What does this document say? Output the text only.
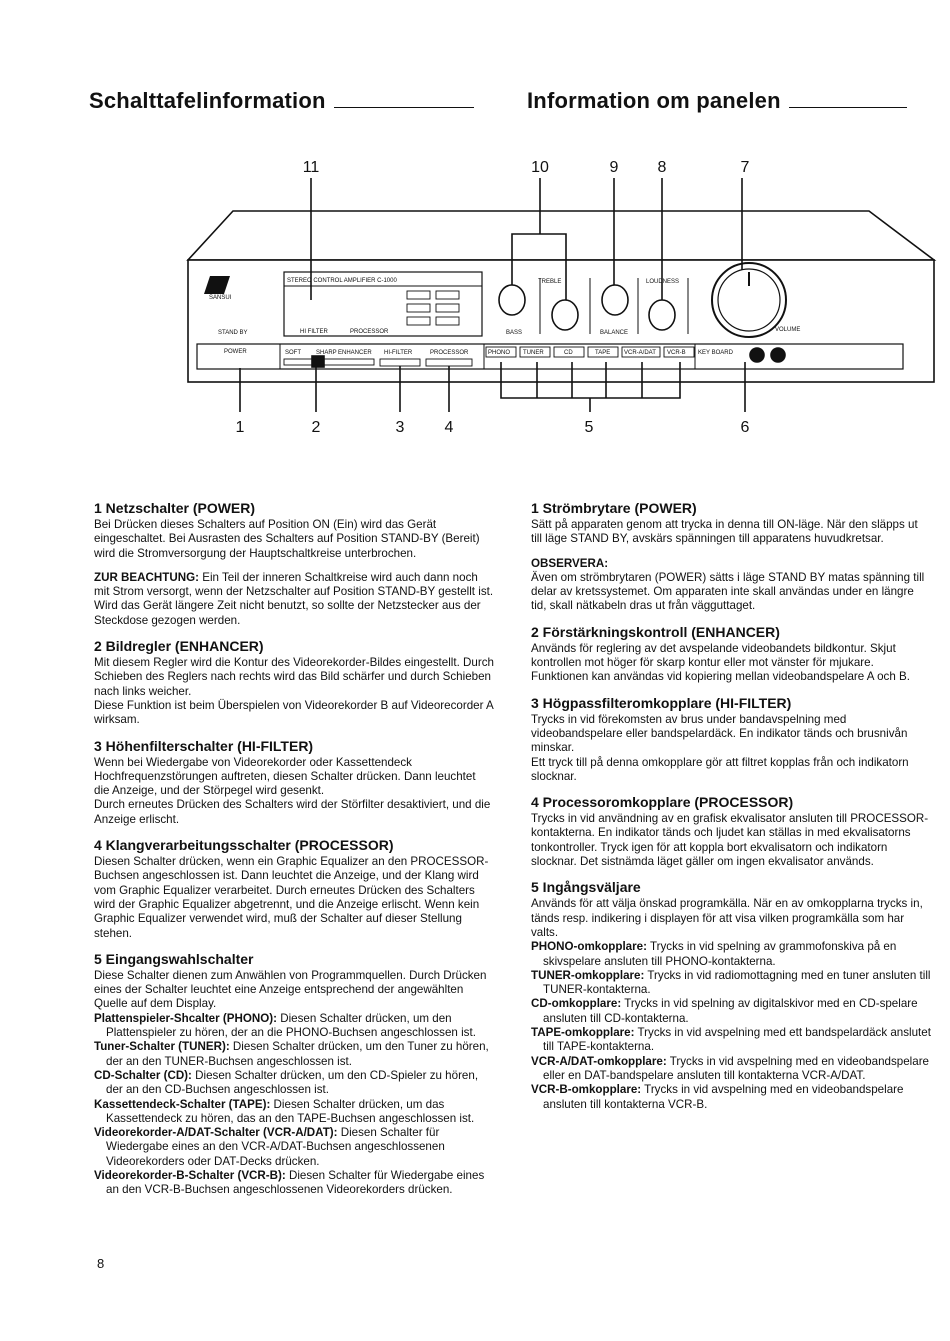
Schalttafelinformation	Information om panelen
SANSUI
STEREO CONTROL AMPLIFIER C-1000
STAND BY
POWER
HI FILTER	PROCESSOR
SOFT	SHARP ENHANCER HI-FILTER	PROCESSOR	PHONO TUNER	CD	TAPE VCR-A/DAT VCR-B KEY BOARD
TREBLE
BASS
LOUDNESS
BALANCE	VOLUME
11	10	9 8	7
1	2	3	4	5	6
1 Netzschalter (POWER)

Bei Drücken dieses Schalters auf Position ON (Ein) wird das Gerät eingeschaltet. Bei Ausrasten des Schalters auf Position STAND-BY (Bereit) wird die Stromversorgung der Hauptschaltkreise unterbrochen.

ZUR BEACHTUNG: Ein Teil der inneren Schaltkreise wird auch dann noch mit Strom versorgt, wenn der Netzschalter auf Position STAND-BY gestellt ist. Wird das Gerät längere Zeit nicht benutzt, so sollte der Netzstecker aus der Steckdose gezogen werden.

2 Bildregler (ENHANCER)

Mit diesem Regler wird die Kontur des Videorekorder-Bildes eingestellt. Durch Schieben des Reglers nach rechts wird das Bild schärfer und durch Schieben nach links weicher.

Diese Funktion ist beim Überspielen von Videorekorder B auf Videorecorder A wirksam.

3 Höhenfilterschalter (HI-FILTER)

Wenn bei Wiedergabe von Videorekorder oder Kassettendeck Hochfrequenzstörungen auftreten, diesen Schalter drücken. Dann leuchtet die Anzeige, und der Störpegel wird gesenkt.

Durch erneutes Drücken des Schalters wird der Störfilter desaktiviert, und die Anzeige erlischt.

4 Klangverarbeitungsschalter (PROCESSOR)

Diesen Schalter drücken, wenn ein Graphic Equalizer an den PROCESSOR-Buchsen angeschlossen ist. Dann leuchtet die Anzeige, und der Klang wird vom Graphic Equalizer verarbeitet. Durch erneutes Drücken des Schalters wird der Graphic Equalizer abgetrennt, und die Anzeige erlischt. Wenn kein Graphic Equalizer verwendet wird, muß der Schalter auf dieser Stellung stehen.

5 Eingangswahlschalter

Diese Schalter dienen zum Anwählen von Programmquellen. Durch Drücken eines der Schalter leuchtet eine Anzeige entsprechend der angewählten Quelle auf dem Display.

Plattenspieler-Shcalter (PHONO): Diesen Schalter drücken, um den Plattenspieler zu hören, der an die PHONO-Buchsen angeschlossen ist.

Tuner-Schalter (TUNER): Diesen Schalter drücken, um den Tuner zu hören, der an den TUNER-Buchsen angeschlossen ist.

CD-Schalter (CD): Diesen Schalter drücken, um den CD-Spieler zu hören, der an den CD-Buchsen angeschlossen ist.

Kassettendeck-Schalter (TAPE): Diesen Schalter drücken, um das Kassettendeck zu hören, das an den TAPE-Buchsen angeschlossen ist.

Videorekorder-A/DAT-Schalter (VCR-A/DAT): Diesen Schalter für Wiedergabe eines an den VCR-A/DAT-Buchsen angeschlossenen Videorekorders oder DAT-Decks drücken.

Videorekorder-B-Schalter (VCR-B): Diesen Schalter für Wiedergabe eines an den VCR-B-Buchsen angeschlossenen Videorekorders drücken.

1 Strömbrytare (POWER)

Sätt på apparaten genom att trycka in denna till ON-läge. När den släpps ut till läge STAND BY, avskärs spänningen till apparatens huvudkretsar.

OBSERVERA:

Även om strömbrytaren (POWER) sätts i läge STAND BY matas spänning till delar av kretssystemet. Om apparaten inte skall användas under en längre tid, skall nätkabeln dras ut från vägguttaget.

2 Förstärkningskontroll (ENHANCER)

Används för reglering av det avspelande videobandets bildkontur. Skjut kontrollen mot höger för skarp kontur eller mot vänster för mjukare.

Funktionen kan användas vid kopiering mellan videobandspelare A och B.

3 Högpassfilteromkopplare (HI-FILTER)

Trycks in vid förekomsten av brus under bandavspelning med videobandspelare eller bandspelardäck. En indikator tänds och brusnivån minskar.

Ett tryck till på denna omkopplare gör att filtret kopplas från och indikatorn slocknar.

4 Processoromkopplare (PROCESSOR)

Trycks in vid användning av en grafisk ekvalisator ansluten till PROCESSOR-kontakterna. En indikator tänds och ljudet kan ställas in med ekvalisatorns tonkontroller. Tryck igen för att koppla bort ekvalisatorn och indikatorn slocknar. Det sistnämda läget gäller om ingen ekvalisator används.

5 Ingångsväljare

Används för att välja önskad programkälla. När en av omkopplarna trycks in, tänds resp. indikering i displayen för att visa vilken programkälla som har valts.

PHONO-omkopplare: Trycks in vid spelning av grammofonskiva på en skivspelare ansluten till PHONO-kontakterna.

TUNER-omkopplare: Trycks in vid radiomottagning med en tuner ansluten till TUNER-kontakterna.

CD-omkopplare: Trycks in vid spelning av digitalskivor med en CD-spelare ansluten till CD-kontakterna.

TAPE-omkopplare: Trycks in vid avspelning med ett bandspelardäck anslutet till TAPE-kontakterna.

VCR-A/DAT-omkopplare: Trycks in vid avspelning med en videobandspelare eller en DAT-bandspelare ansluten till kontakterna VCR-A/DAT.

VCR-B-omkopplare: Trycks in vid avspelning med en videobandspelare ansluten till kontakterna VCR-B.

8
